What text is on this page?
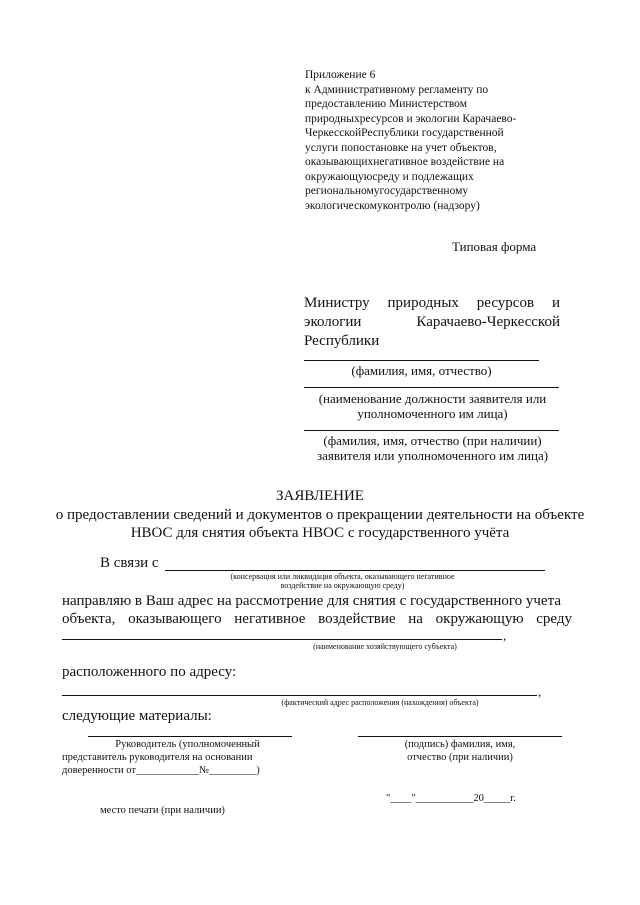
Приложение 6
к Административному регламенту по
предоставлению Министерством
природныхресурсов и экологии Карачаево-
ЧеркесскойРеспублики государственной
услуги попостановке на учет объектов,
оказывающихнегативное воздействие на
окружающуюсреду и подлежащих
региональномугосударственному
экологическомуконтролю (надзору)
Типовая форма
Министру природных ресурсов и
экологии Карачаево-Черкесской
Республики
(фамилия, имя, отчество)
(наименование должности заявителя или
уполномоченного им лица)
(фамилия, имя, отчество (при наличии)
заявителя или уполномоченного им лица)
ЗАЯВЛЕНИЕ
о предоставлении сведений и документов о прекращении деятельности на объекте
НВОС для снятия объекта НВОС с государственного учёта
В связи с
(консервация или ликвидация объекта, оказывающего негативное
воздействие на окружающую среду)
направляю в Ваш адрес на рассмотрение для снятия с государственного учета
объекта, оказывающего негативное воздействие на окружающую среду
,
(наименование хозяйствующего субъекта)
расположенного по адресу:
,
(фактический адрес расположения (нахождения) объекта)
следующие материалы:
Руководитель (уполномоченный
представитель руководителя на основании
доверенности от____________№_________)
(подпись) фамилия, имя,
отчество (при наличии)
"____"___________20_____г.
место печати (при наличии)
